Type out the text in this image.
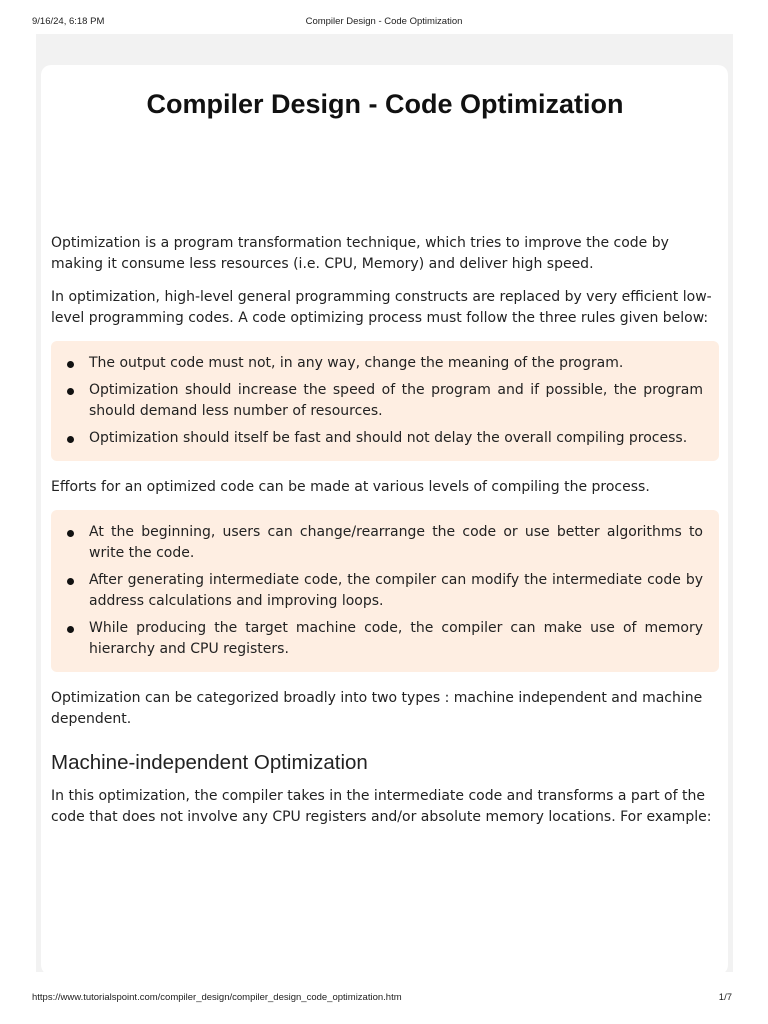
9/16/24, 6:18 PM	Compiler Design - Code Optimization
Compiler Design - Code Optimization

Optimization is a program transformation technique, which tries to improve the code by making it consume less resources (i.e. CPU, Memory) and deliver high speed.

In optimization, high-level general programming constructs are replaced by very efficient low-level programming codes. A code optimizing process must follow the three rules given below:

The output code must not, in any way, change the meaning of the program.
Optimization should increase the speed of the program and if possible, the program should demand less number of resources.
Optimization should itself be fast and should not delay the overall compiling process.

Efforts for an optimized code can be made at various levels of compiling the process.

At the beginning, users can change/rearrange the code or use better algorithms to write the code.
After generating intermediate code, the compiler can modify the intermediate code by address calculations and improving loops.
While producing the target machine code, the compiler can make use of memory hierarchy and CPU registers.

Optimization can be categorized broadly into two types : machine independent and machine dependent.

Machine-independent Optimization

In this optimization, the compiler takes in the intermediate code and transforms a part of the code that does not involve any CPU registers and/or absolute memory locations. For example:

https://www.tutorialspoint.com/compiler_design/compiler_design_code_optimization.htm	1/7
